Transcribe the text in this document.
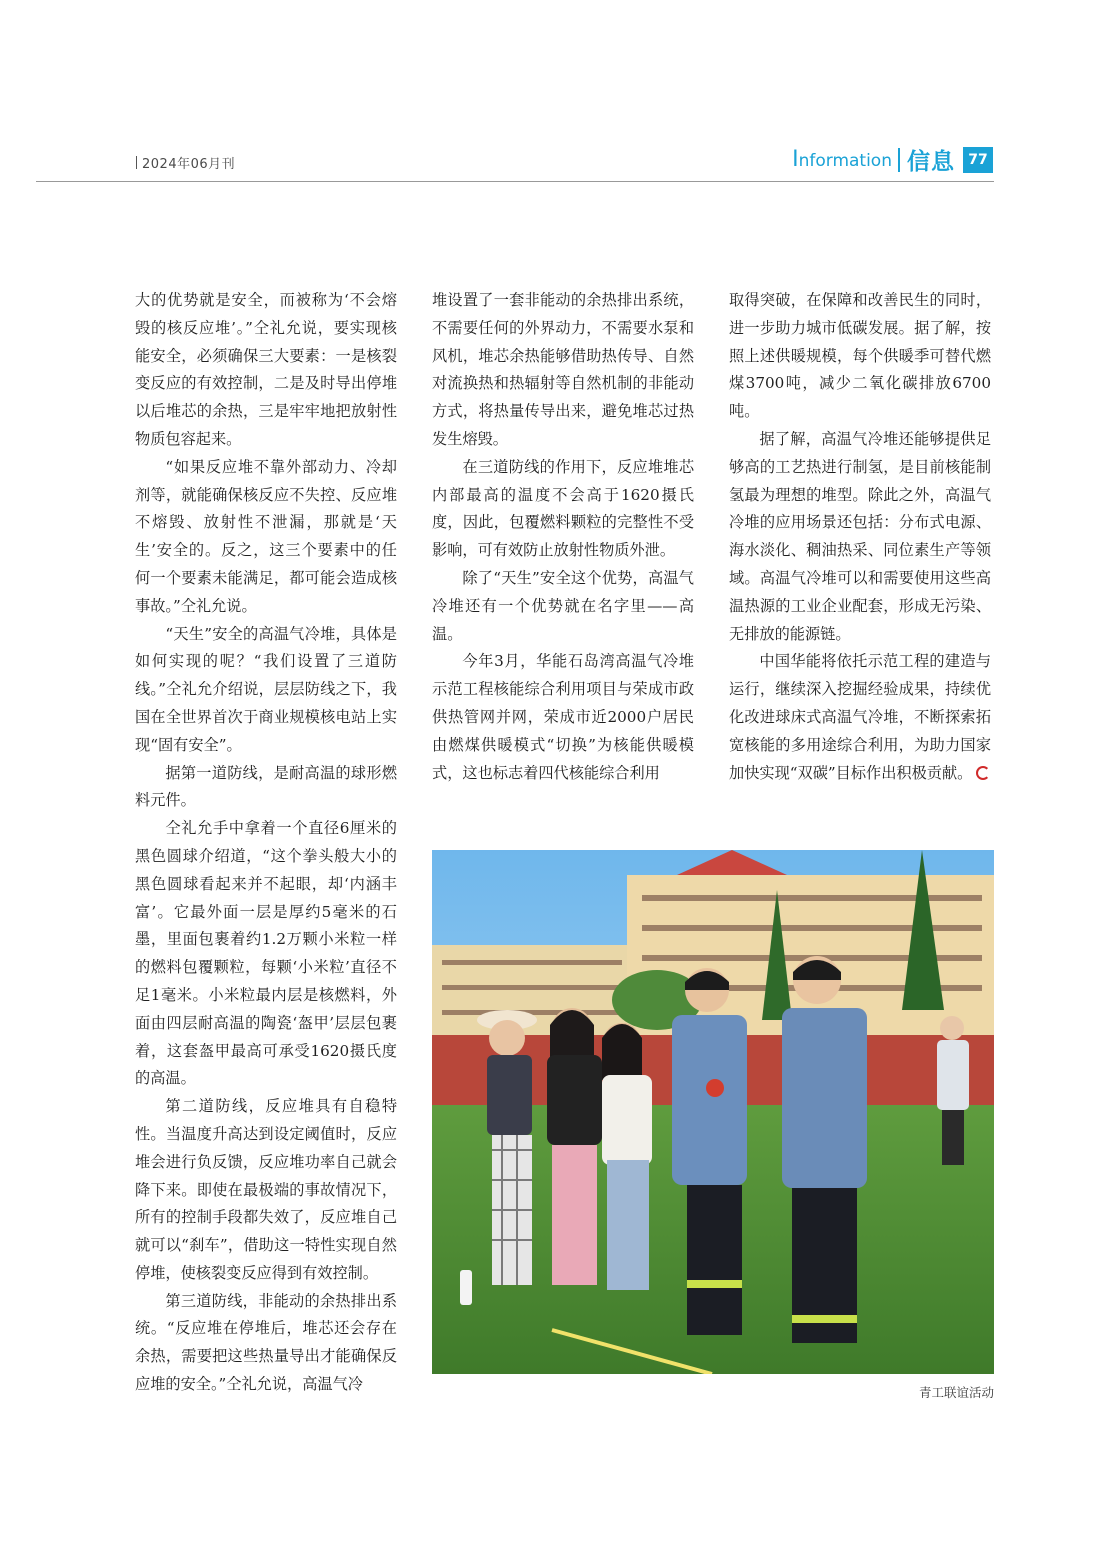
2024年06月刊	Information 信息 77

大的优势就是安全，而被称为‘不会熔毁的核反应堆’。”仝礼允说，要实现核能安全，必须确保三大要素：一是核裂变反应的有效控制，二是及时导出停堆以后堆芯的余热，三是牢牢地把放射性物质包容起来。

“如果反应堆不靠外部动力、冷却剂等，就能确保核反应不失控、反应堆不熔毁、放射性不泄漏，那就是‘天生’安全的。反之，这三个要素中的任何一个要素未能满足，都可能会造成核事故。”仝礼允说。

“天生”安全的高温气冷堆，具体是如何实现的呢？“我们设置了三道防线。”仝礼允介绍说，层层防线之下，我国在全世界首次于商业规模核电站上实现“固有安全”。

据第一道防线，是耐高温的球形燃料元件。

仝礼允手中拿着一个直径6厘米的黑色圆球介绍道，“这个拳头般大小的黑色圆球看起来并不起眼，却‘内涵丰富’。它最外面一层是厚约5毫米的石墨，里面包裹着约1.2万颗小米粒一样的燃料包覆颗粒，每颗‘小米粒’直径不足1毫米。小米粒最内层是核燃料，外面由四层耐高温的陶瓷‘盔甲’层层包裹着，这套盔甲最高可承受1620摄氏度的高温。

第二道防线，反应堆具有自稳特性。当温度升高达到设定阈值时，反应堆会进行负反馈，反应堆功率自己就会降下来。即使在最极端的事故情况下，所有的控制手段都失效了，反应堆自己就可以“刹车”，借助这一特性实现自然停堆，使核裂变反应得到有效控制。

第三道防线，非能动的余热排出系统。“反应堆在停堆后，堆芯还会存在余热，需要把这些热量导出才能确保反应堆的安全。”仝礼允说，高温气冷

堆设置了一套非能动的余热排出系统，不需要任何的外界动力，不需要水泵和风机，堆芯余热能够借助热传导、自然对流换热和热辐射等自然机制的非能动方式，将热量传导出来，避免堆芯过热发生熔毁。

在三道防线的作用下，反应堆堆芯内部最高的温度不会高于1620摄氏度，因此，包覆燃料颗粒的完整性不受影响，可有效防止放射性物质外泄。

除了“天生”安全这个优势，高温气冷堆还有一个优势就在名字里——高温。

今年3月，华能石岛湾高温气冷堆示范工程核能综合利用项目与荣成市政供热管网并网，荣成市近2000户居民由燃煤供暖模式“切换”为核能供暖模式，这也标志着四代核能综合利用

取得突破，在保障和改善民生的同时，进一步助力城市低碳发展。据了解，按照上述供暖规模，每个供暖季可替代燃煤3700吨，减少二氧化碳排放6700吨。

据了解，高温气冷堆还能够提供足够高的工艺热进行制氢，是目前核能制氢最为理想的堆型。除此之外，高温气冷堆的应用场景还包括：分布式电源、海水淡化、稠油热采、同位素生产等领域。高温气冷堆可以和需要使用这些高温热源的工业企业配套，形成无污染、无排放的能源链。

中国华能将依托示范工程的建造与运行，继续深入挖掘经验成果，持续优化改进球床式高温气冷堆，不断探索拓宽核能的多用途综合利用，为助力国家加快实现“双碳”目标作出积极贡献。

青工联谊活动
